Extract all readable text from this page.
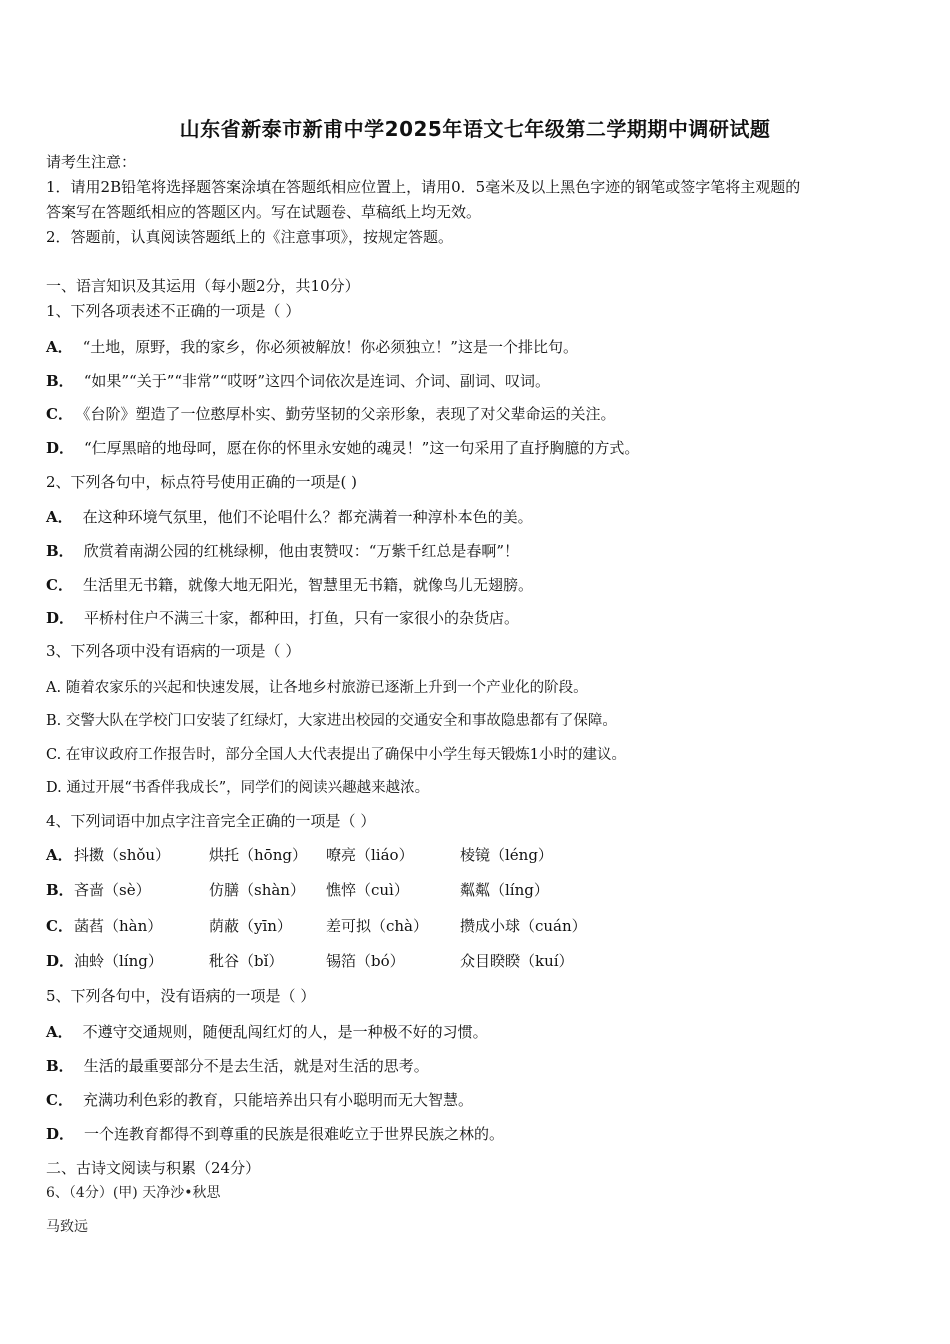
山东省新泰市新甫中学2025年语文七年级第二学期期中调研试题
请考生注意：
1．请用2B铅笔将选择题答案涂填在答题纸相应位置上，请用0．5毫米及以上黑色字迹的钢笔或签字笔将主观题的
答案写在答题纸相应的答题区内。写在试题卷、草稿纸上均无效。
2．答题前，认真阅读答题纸上的《注意事项》，按规定答题。
一、语言知识及其运用（每小题2分，共10分）
1、下列各项表述不正确的一项是（ ）
A． “土地，原野，我的家乡，你必须被解放！你必须独立！”这是一个排比句。
B． “如果”“关于”“非常”“哎呀”这四个词依次是连词、介词、副词、叹词。
C． 《台阶》塑造了一位憨厚朴实、勤劳坚韧的父亲形象，表现了对父辈命运的关注。
D． “仁厚黑暗的地母呵，愿在你的怀里永安她的魂灵！”这一句采用了直抒胸臆的方式。
2、下列各句中，标点符号使用正确的一项是( )
A． 在这种环境气氛里，他们不论唱什么？都充满着一种淳朴本色的美。
B． 欣赏着南湖公园的红桃绿柳，他由衷赞叹：“万紫千红总是春啊”！
C． 生活里无书籍，就像大地无阳光，智慧里无书籍，就像鸟儿无翅膀。
D． 平桥村住户不满三十家，都种田，打鱼，只有一家很小的杂货店。
3、下列各项中没有语病的一项是（ ）
A. 随着农家乐的兴起和快速发展，让各地乡村旅游已逐渐上升到一个产业化的阶段。
B. 交警大队在学校门口安装了红绿灯，大家进出校园的交通安全和事故隐患都有了保障。
C. 在审议政府工作报告时，部分全国人大代表提出了确保中小学生每天锻炼1小时的建议。
D. 通过开展“书香伴我成长”，同学们的阅读兴趣越来越浓。
4、下列词语中加点字注音完全正确的一项是（ ）
A． 抖擞（shǒu）	烘托（hōng） 嘹亮（liáo）	棱镜（léng）
B． 吝啬（sè）	仿膳（shàn） 憔悴（cuì）	粼粼（líng）
C． 菡萏（hàn）	荫蔽（yīn） 差可拟（chà） 攒成小球（cuán）
D． 油蛉（líng）	秕谷（bǐ）	锡箔（bó）	众目睽睽（kuí）
5、下列各句中，没有语病的一项是（ ）
A． 不遵守交通规则，随便乱闯红灯的人，是一种极不好的习惯。
B． 生活的最重要部分不是去生活，就是对生活的思考。
C． 充满功利色彩的教育，只能培养出只有小聪明而无大智慧。
D． 一个连教育都得不到尊重的民族是很难屹立于世界民族之林的。
二、古诗文阅读与积累（24分）
6、（4分）(甲) 天净沙•秋思
马致远
